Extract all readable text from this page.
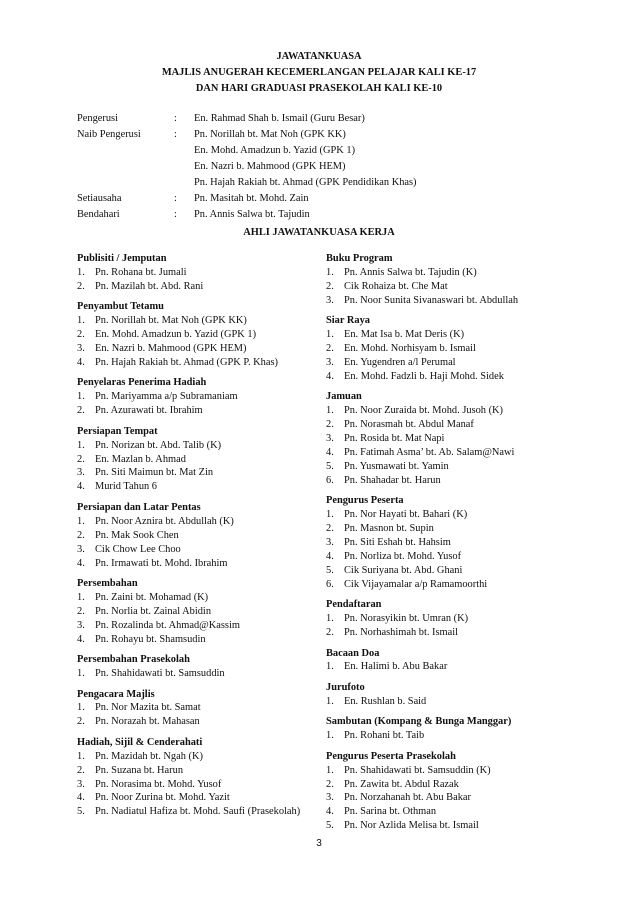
JAWATANKUASA
MAJLIS ANUGERAH KECEMERLANGAN PELAJAR KALI KE-17
DAN HARI GRADUASI PRASEKOLAH KALI KE-10
Pengerusi	: En. Rahmad Shah b. Ismail (Guru Besar)
Naib Pengerusi	: Pn. Norillah bt. Mat Noh (GPK KK)
En. Mohd. Amadzun b. Yazid (GPK 1)
En. Nazri b. Mahmood (GPK HEM)
Pn. Hajah Rakiah bt. Ahmad (GPK Pendidikan Khas)
Setiausaha	: Pn. Masitah bt. Mohd. Zain
Bendahari	: Pn. Annis Salwa bt. Tajudin
AHLI JAWATANKUASA KERJA
Publisiti / Jemputan
1. Pn. Rohana bt. Jumali
2. Pn. Mazilah bt. Abd. Rani
Penyambut Tetamu
1. Pn. Norillah bt. Mat Noh (GPK KK)
2. En. Mohd. Amadzun b. Yazid (GPK 1)
3. En. Nazri b. Mahmood (GPK HEM)
4. Pn. Hajah Rakiah bt. Ahmad (GPK P. Khas)
Penyelaras Penerima Hadiah
1. Pn. Mariyamma a/p Subramaniam
2. Pn. Azurawati bt. Ibrahim
Persiapan Tempat
1. Pn. Norizan bt. Abd. Talib (K)
2. En. Mazlan b. Ahmad
3. Pn. Siti Maimun bt. Mat Zin
4. Murid Tahun 6
Persiapan dan Latar Pentas
1. Pn. Noor Aznira bt. Abdullah (K)
2. Pn. Mak Sook Chen
3. Cik Chow Lee Choo
4. Pn. Irmawati bt. Mohd. Ibrahim
Persembahan
1. Pn. Zaini bt. Mohamad (K)
2. Pn. Norlia bt. Zainal Abidin
3. Pn. Rozalinda bt. Ahmad@Kassim
4. Pn. Rohayu bt. Shamsudin
Persembahan Prasekolah
1. Pn. Shahidawati bt. Samsuddin
Pengacara Majlis
1. Pn. Nor Mazita bt. Samat
2. Pn. Norazah bt. Mahasan
Hadiah, Sijil & Cenderahati
1. Pn. Mazidah bt. Ngah (K)
2. Pn. Suzana bt. Harun
3. Pn. Norasima bt. Mohd. Yusof
4. Pn. Noor Zurina bt. Mohd. Yazit
5. Pn. Nadiatul Hafiza bt. Mohd. Saufi (Prasekolah)
Buku Program
1. Pn. Annis Salwa bt. Tajudin (K)
2. Cik Rohaiza bt. Che Mat
3. Pn. Noor Sunita Sivanaswari bt. Abdullah
Siar Raya
1. En. Mat Isa b. Mat Deris (K)
2. En. Mohd. Norhisyam b. Ismail
3. En. Yugendren a/l Perumal
4. En. Mohd. Fadzli b. Haji Mohd. Sidek
Jamuan
1. Pn. Noor Zuraida bt. Mohd. Jusoh (K)
2. Pn. Norasmah bt. Abdul Manaf
3. Pn. Rosida bt. Mat Napi
4. Pn. Fatimah Asma’ bt. Ab. Salam@Nawi
5. Pn. Yusmawati bt. Yamin
6. Pn. Shahadar bt. Harun
Pengurus Peserta
1. Pn. Nor Hayati bt. Bahari (K)
2. Pn. Masnon bt. Supin
3. Pn. Siti Eshah bt. Hahsim
4. Pn. Norliza bt. Mohd. Yusof
5. Cik Suriyana bt. Abd. Ghani
6. Cik Vijayamalar a/p Ramamoorthi
Pendaftaran
1. Pn. Norasyikin bt. Umran (K)
2. Pn. Norhashimah bt. Ismail
Bacaan Doa
1. En. Halimi b. Abu Bakar
Jurufoto
1. En. Rushlan b. Said
Sambutan (Kompang & Bunga Manggar)
1. Pn. Rohani bt. Taib
Pengurus Peserta Prasekolah
1. Pn. Shahidawati bt. Samsuddin (K)
2. Pn. Zawita bt. Abdul Razak
3. Pn. Norzahanah bt. Abu Bakar
4. Pn. Sarina bt. Othman
5. Pn. Nor Azlida Melisa bt. Ismail
3
